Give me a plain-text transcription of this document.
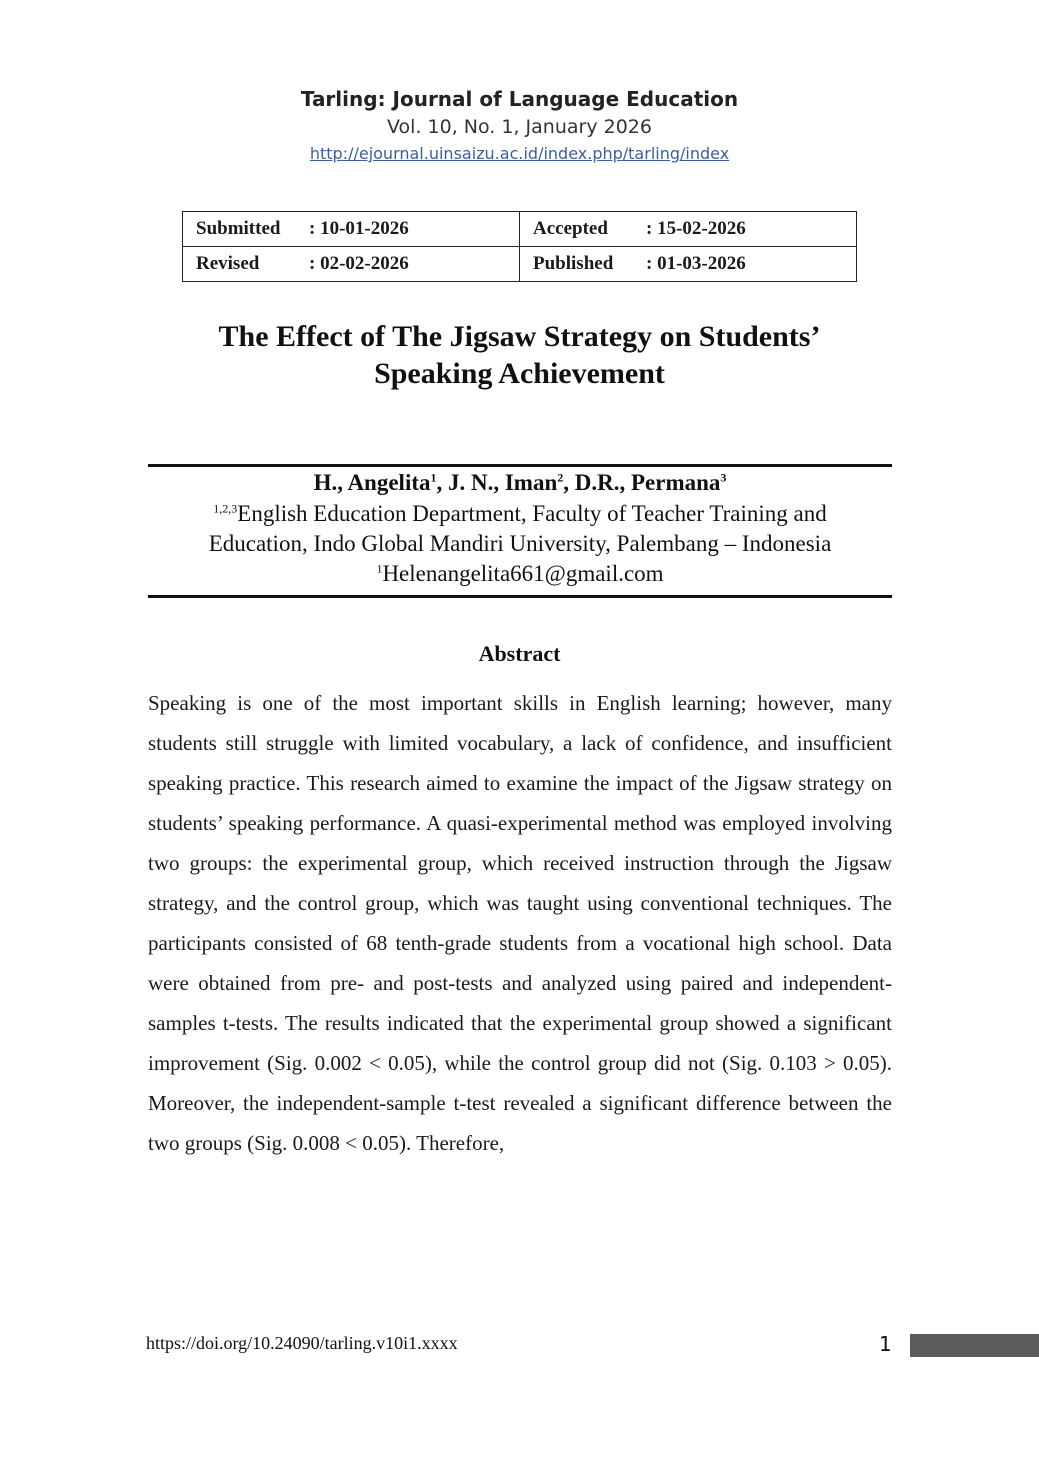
Tarling: Journal of Language Education
Vol. 10, No. 1, January 2026
http://ejournal.uinsaizu.ac.id/index.php/tarling/index
Submitted : 10-01-2026	Accepted : 15-02-2026
Revised : 02-02-2026	Published : 01-03-2026
The Effect of The Jigsaw Strategy on Students’
Speaking Achievement
H., Angelita$^1$, J. N., Iman$^2$, D.R., Permana$^3$
$^{1,2,3}$English Education Department, Faculty of Teacher Training and
Education, Indo Global Mandiri University, Palembang – Indonesia
$^1$Helenangelita661@gmail.com
Abstract

Speaking is one of the most important skills in English learning; however, many students still struggle with limited vocabulary, a lack of confidence, and insufficient speaking practice. This research aimed to examine the impact of the Jigsaw strategy on students’ speaking performance. A quasi-experimental method was employed involving two groups: the experimental group, which received instruction through the Jigsaw strategy, and the control group, which was taught using conventional techniques. The participants consisted of 68 tenth-grade students from a vocational high school. Data were obtained from pre- and post-tests and analyzed using paired and independent-samples t-tests. The results indicated that the experimental group showed a significant improvement (Sig. 0.002 < 0.05), while the control group did not (Sig. 0.103 > 0.05). Moreover, the independent-sample t-test revealed a significant difference between the two groups (Sig. 0.008 < 0.05). Therefore,

https://doi.org/10.24090/tarling.v10i1.xxxx	1
